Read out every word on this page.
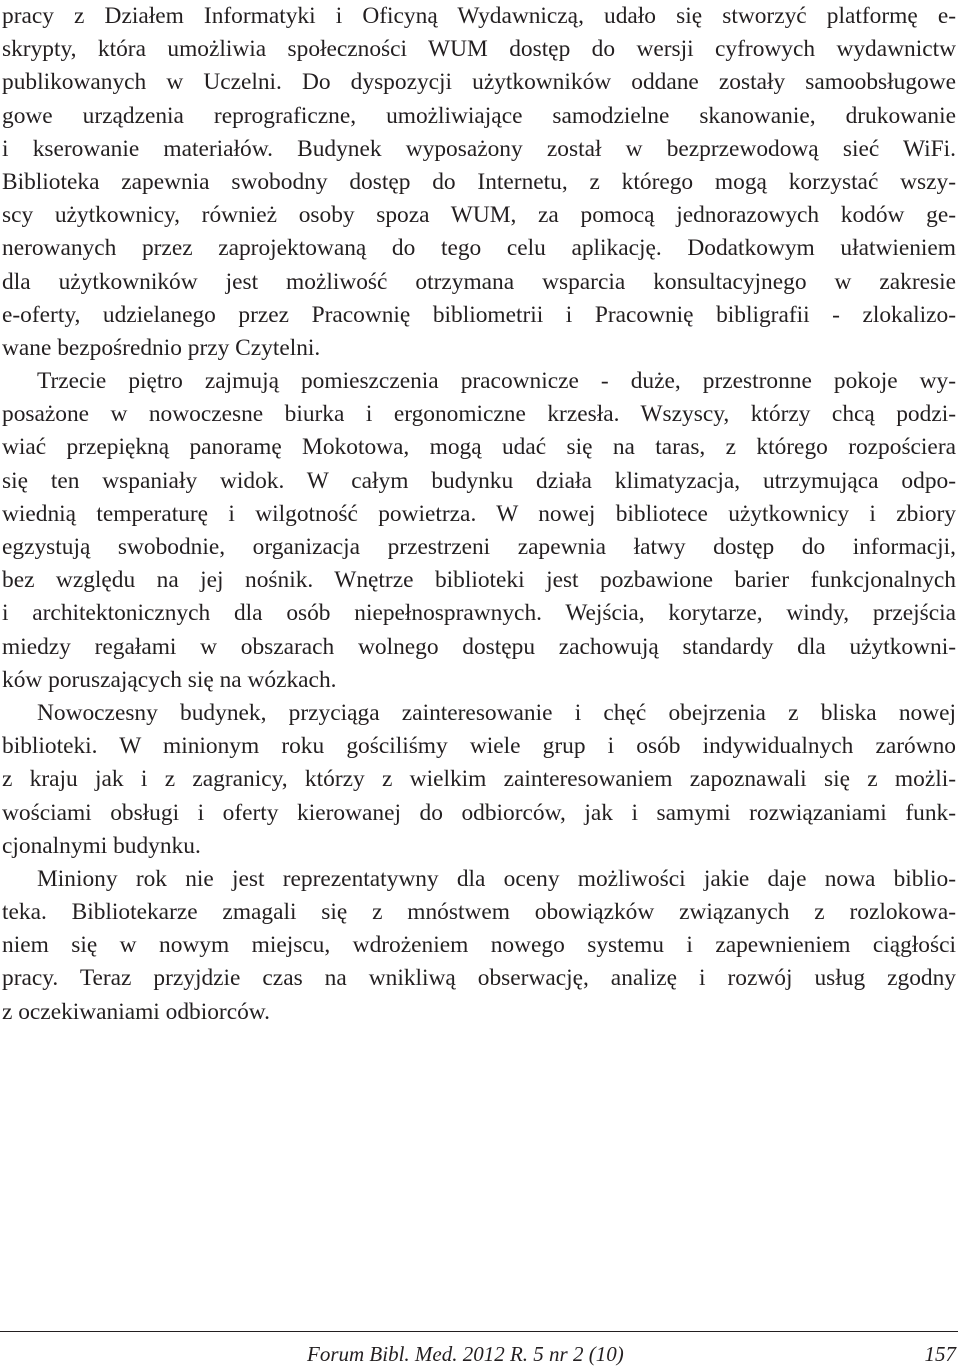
pracy z Działem Informatyki i Oficyną Wydawniczą, udało się stworzyć platformę e-
skrypty, która umożliwia społeczności WUM dostęp do wersji cyfrowych wydawnictw
publikowanych w Uczelni. Do dyspozycji użytkowników oddane zostały samoobsługowe
gowe urządzenia reprograficzne, umożliwiające samodzielne skanowanie, drukowanie
i kserowanie materiałów. Budynek wyposażony został w bezprzewodową sieć WiFi.
Biblioteka zapewnia swobodny dostęp do Internetu, z którego mogą korzystać wszy-
scy użytkownicy, również osoby spoza WUM, za pomocą jednorazowych kodów ge-
nerowanych przez zaprojektowaną do tego celu aplikację. Dodatkowym ułatwieniem
dla użytkowników jest możliwość otrzymana wsparcia konsultacyjnego w zakresie
e-oferty, udzielanego przez Pracownię bibliometrii i Pracownię bibligrafii - zlokalizo-
wane bezpośrednio przy Czytelni.
Trzecie piętro zajmują pomieszczenia pracownicze - duże, przestronne pokoje wy-
posażone w nowoczesne biurka i ergonomiczne krzesła. Wszyscy, którzy chcą podzi-
wiać przepiękną panoramę Mokotowa, mogą udać się na taras, z którego rozpościera
się ten wspaniały widok. W całym budynku działa klimatyzacja, utrzymująca odpo-
wiednią temperaturę i wilgotność powietrza. W nowej bibliotece użytkownicy i zbiory
egzystują swobodnie, organizacja przestrzeni zapewnia łatwy dostęp do informacji,
bez względu na jej nośnik. Wnętrze biblioteki jest pozbawione barier funkcjonalnych
i architektonicznych dla osób niepełnosprawnych. Wejścia, korytarze, windy, przejścia
miedzy regałami w obszarach wolnego dostępu zachowują standardy dla użytkowni-
ków poruszających się na wózkach.
Nowoczesny budynek, przyciąga zainteresowanie i chęć obejrzenia z bliska nowej
biblioteki. W minionym roku gościliśmy wiele grup i osób indywidualnych zarówno
z kraju jak i z zagranicy, którzy z wielkim zainteresowaniem zapoznawali się z możli-
wościami obsługi i oferty kierowanej do odbiorców, jak i samymi rozwiązaniami funk-
cjonalnymi budynku.
Miniony rok nie jest reprezentatywny dla oceny możliwości jakie daje nowa biblio-
teka. Bibliotekarze zmagali się z mnóstwem obowiązków związanych z rozlokowa-
niem się w nowym miejscu, wdrożeniem nowego systemu i zapewnieniem ciągłości
pracy. Teraz przyjdzie czas na wnikliwą obserwację, analizę i rozwój usług zgodny
z oczekiwaniami odbiorców.
Forum Bibl. Med. 2012 R. 5 nr 2 (10)	157
